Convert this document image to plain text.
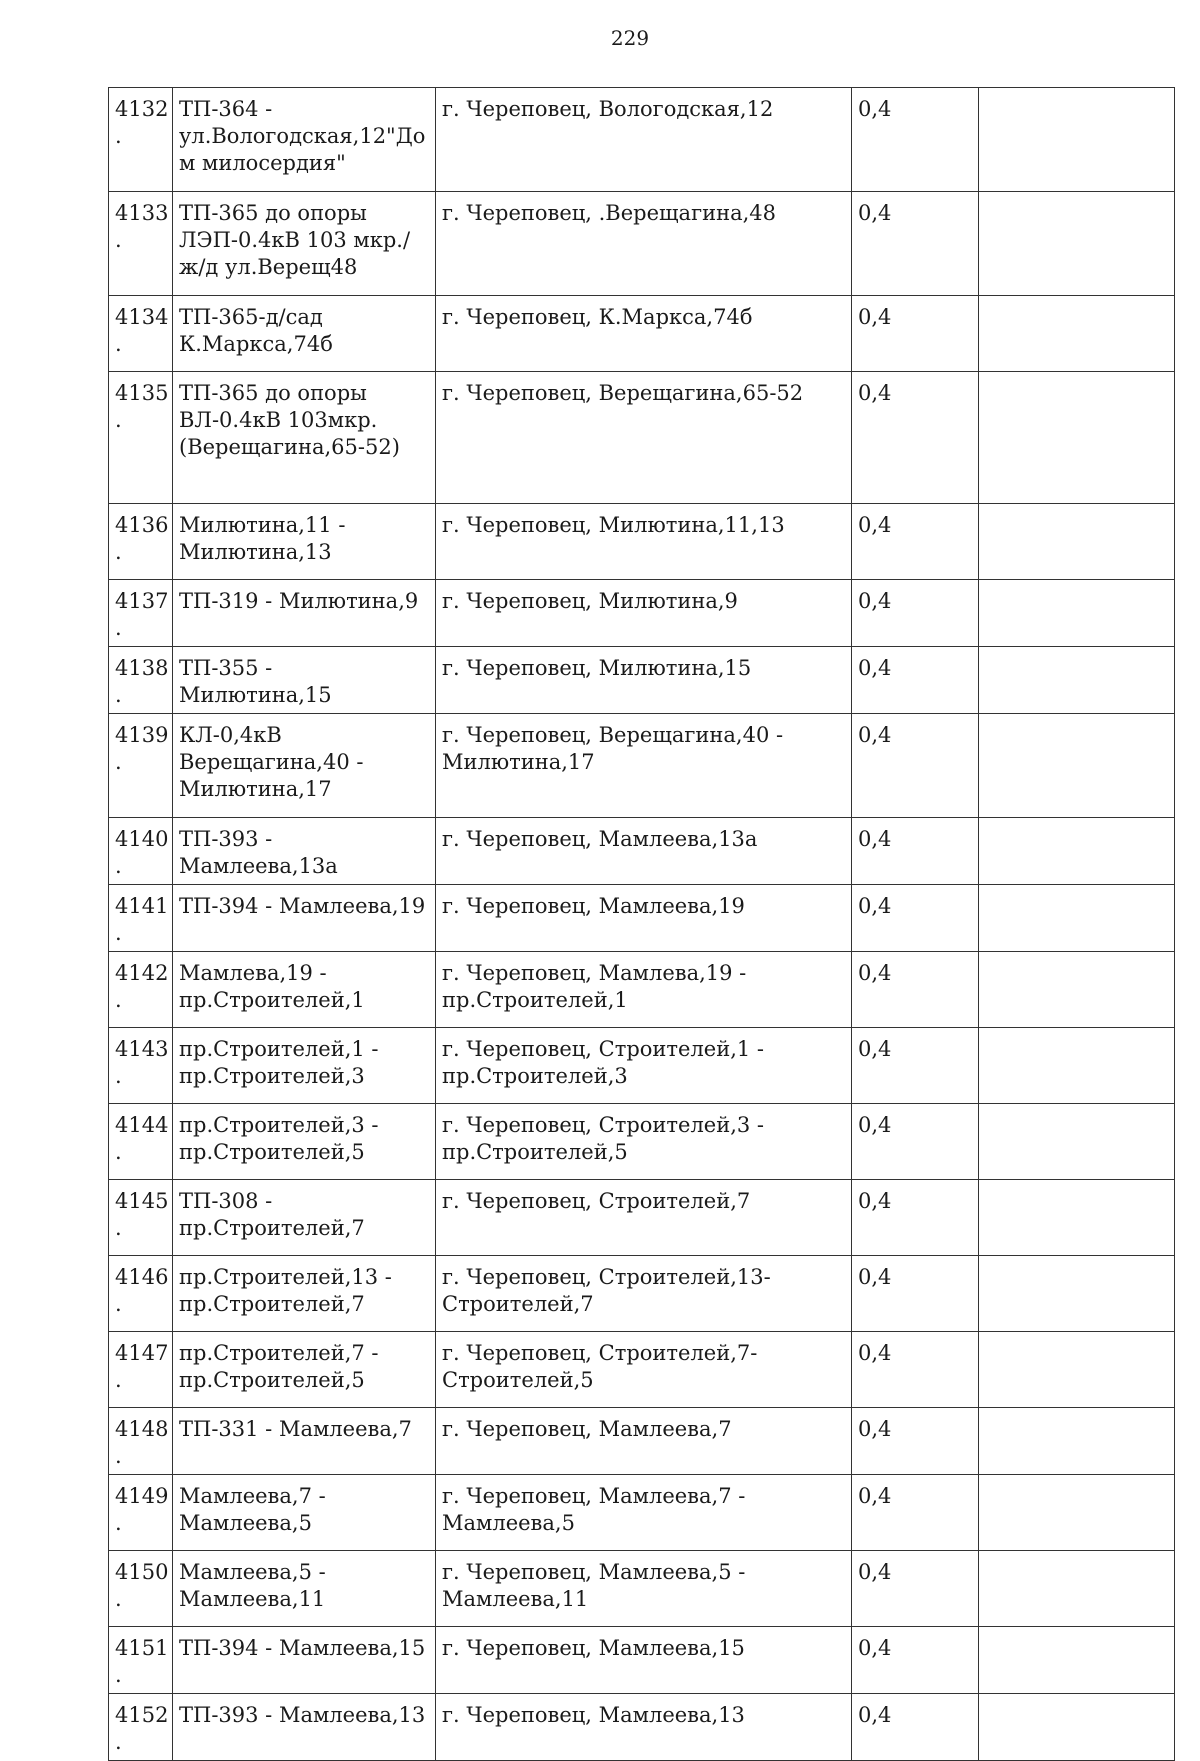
229
4132.	ТП-364 - ул.Вологодская,12"Дом милосердия"	г. Череповец, Вологодская,12	0,4	
4133.	ТП-365 до опоры ЛЭП-0.4кВ 103 мкр./ж/д ул.Верещ48	г. Череповец, .Верещагина,48	0,4	
4134.	ТП-365-д/сад К.Маркса,74б	г. Череповец, К.Маркса,74б	0,4	
4135.	ТП-365 до опоры ВЛ-0.4кВ 103мкр.(Верещагина,65-52)	г. Череповец, Верещагина,65-52	0,4	
4136.	Милютина,11 - Милютина,13	г. Череповец, Милютина,11,13	0,4	
4137.	ТП-319 - Милютина,9	г. Череповец, Милютина,9	0,4	
4138.	ТП-355 - Милютина,15	г. Череповец, Милютина,15	0,4	
4139.	КЛ-0,4кВ Верещагина,40 - Милютина,17	г. Череповец, Верещагина,40 - Милютина,17	0,4	
4140.	ТП-393 - Мамлеева,13а	г. Череповец, Мамлеева,13а	0,4	
4141.	ТП-394 - Мамлеева,19	г. Череповец, Мамлеева,19	0,4	
4142.	Мамлева,19 - пр.Строителей,1	г. Череповец, Мамлева,19 - пр.Строителей,1	0,4	
4143.	пр.Строителей,1 - пр.Строителей,3	г. Череповец, Строителей,1 - пр.Строителей,3	0,4	
4144.	пр.Строителей,3 - пр.Строителей,5	г. Череповец, Строителей,3 - пр.Строителей,5	0,4	
4145.	ТП-308 - пр.Строителей,7	г. Череповец, Строителей,7	0,4	
4146.	пр.Строителей,13 - пр.Строителей,7	г. Череповец, Строителей,13-Строителей,7	0,4	
4147.	пр.Строителей,7 - пр.Строителей,5	г. Череповец, Строителей,7-Строителей,5	0,4	
4148.	ТП-331 - Мамлеева,7	г. Череповец, Мамлеева,7	0,4	
4149.	Мамлеева,7 - Мамлеева,5	г. Череповец, Мамлеева,7 - Мамлеева,5	0,4	
4150.	Мамлеева,5 - Мамлеева,11	г. Череповец, Мамлеева,5 - Мамлеева,11	0,4	
4151.	ТП-394 - Мамлеева,15	г. Череповец, Мамлеева,15	0,4	
4152.	ТП-393 - Мамлеева,13	г. Череповец, Мамлеева,13	0,4	
